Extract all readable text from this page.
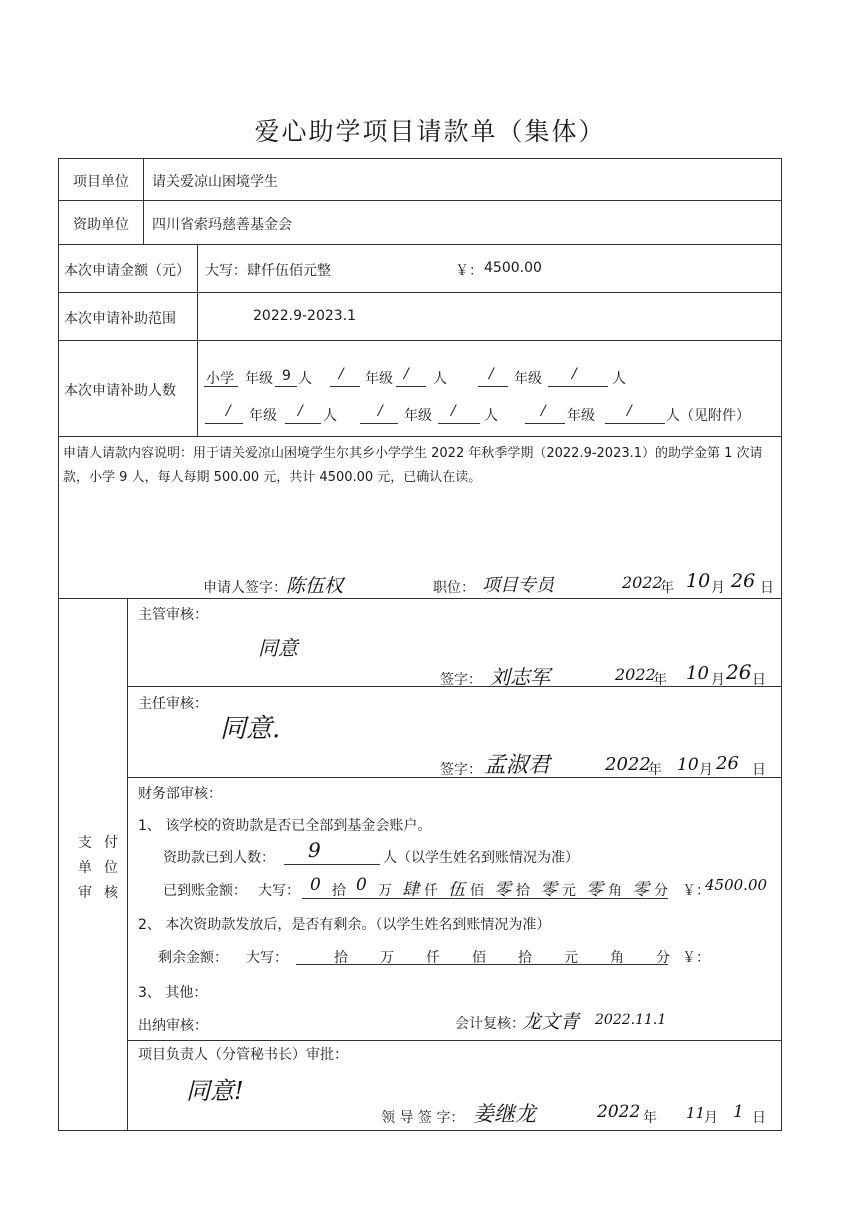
爱心助学项目请款单（集体）
项目单位 请关爱凉山困境学生
资助单位 四川省索玛慈善基金会
本次申请金额（元） 大写： 肆仟伍佰元整	￥： 4500.00
本次申请补助范围	2022.9-2023.1
本次申请补助人数
小学 年级 9 人 / 年级 / 人	/ 年级 /	人
/ 年级 / 人	/ 年级 / 人	/ 年级 / 人 （见附件）
申请人请款内容说明：用于请关爱凉山困境学生尔其乡小学学生 2022 年秋季学期（2022.9-2023.1）的助学金第 1 次请款，小学 9 人，每人每期 500.00 元，共计 4500.00 元，已确认在读。
申请人签字： 陈伍权	职位： 项目专员	2022
年 10 月 26 日
支 付
单 位
审 核
主管审核：
同意
签字： 刘志军	2022
年 10 月 26 日
主任审核：
同意.
签字： 孟淑君	2022
年 10 月 26 日
财务部审核：
1、 该学校的资助款是否已全部到基金会账户。
资助款已到人数： 9	人（以学生姓名到账情况为准）
已到账金额： 大写： 0 拾 0 万 肆 仟 伍 佰 零 拾 零 元 零 角 零 分 ￥：
4500.00
2、 本次资助款发放后，是否有剩余。（以学生姓名到账情况为准）
剩余金额： 大写：	拾 万 仟 佰 拾 元 角 分 ￥：
3、 其他：
出纳审核：	会计复核：
龙文青 2022.11.1
项目负责人（分管秘书长）审批：
同意!
领 导 签 字： 姜继龙	2022 年 11
月 1 日
